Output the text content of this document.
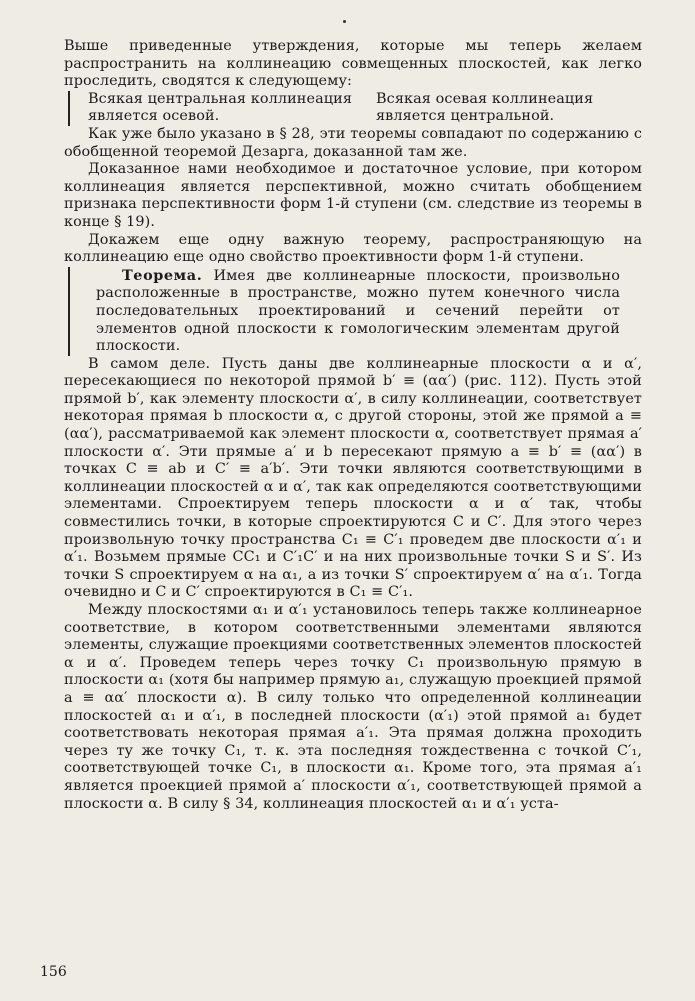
Выше приведенные утверждения, которые мы теперь желаем распространить на коллинеацию совмещенных плоскостей, как легко проследить, сводятся к следующему:

Всякая центральная коллинеация является осевой.
Всякая осевая коллинеация является центральной.

Как уже было указано в § 28, эти теоремы совпадают по содержанию с обобщенной теоремой Дезарга, доказанной там же.

Доказанное нами необходимое и достаточное условие, при котором коллинеация является перспективной, можно считать обобщением признака перспективности форм 1-й ступени (см. следствие из теоремы в конце § 19).

Докажем еще одну важную теорему, распространяющую на коллинеацию еще одно свойство проективности форм 1-й ступени.

Теорема. Имея две коллинеарные плоскости, произвольно расположенные в пространстве, можно путем конечного числа последовательных проектирований и сечений перейти от элементов одной плоскости к гомологическим элементам другой плоскости.

В самом деле. Пусть даны две коллинеарные плоскости α и α′, пересекающиеся по некоторой прямой b′ ≡ (αα′) (рис. 112). Пусть этой прямой b′, как элементу плоскости α′, в силу коллинеации, соответствует некоторая прямая b плоскости α, с другой стороны, этой же прямой a ≡ (αα′), рассматриваемой как элемент плоскости α, соответствует прямая a′ плоскости α′. Эти прямые a′ и b пересекают прямую a ≡ b′ ≡ (αα′) в точках C ≡ ab и C′ ≡ a′b′. Эти точки являются соответствующими в коллинеации плоскостей α и α′, так как определяются соответствующими элементами. Спроектируем теперь плоскости α и α′ так, чтобы совместились точки, в которые спроектируются C и C′. Для этого через произвольную точку пространства C₁ ≡ C′₁ проведем две плоскости α′₁ и α′₁. Возьмем прямые CC₁ и C′₁C′ и на них произвольные точки S и S′. Из точки S спроектируем α на α₁, а из точки S′ спроектируем α′ на α′₁. Тогда очевидно и C и C′ спроектируются в C₁ ≡ C′₁.

Между плоскостями α₁ и α′₁ установилось теперь также коллинеарное соответствие, в котором соответственными элементами являются элементы, служащие проекциями соответственных элементов плоскостей α и α′. Проведем теперь через точку C₁ произвольную прямую в плоскости α₁ (хотя бы например прямую a₁, служащую проекцией прямой a ≡ αα′ плоскости α). В силу только что определенной коллинеации плоскостей α₁ и α′₁, в последней плоскости (α′₁) этой прямой a₁ будет соответствовать некоторая прямая a′₁. Эта прямая должна проходить через ту же точку C₁, т. к. эта последняя тождественна с точкой C′₁, соответствующей точке C₁, в плоскости α₁. Кроме того, эта прямая a′₁ является проекцией прямой a′ плоскости α′₁, соответствующей прямой a плоскости α. В силу § 34, коллинеация плоскостей α₁ и α′₁ уста-

156
